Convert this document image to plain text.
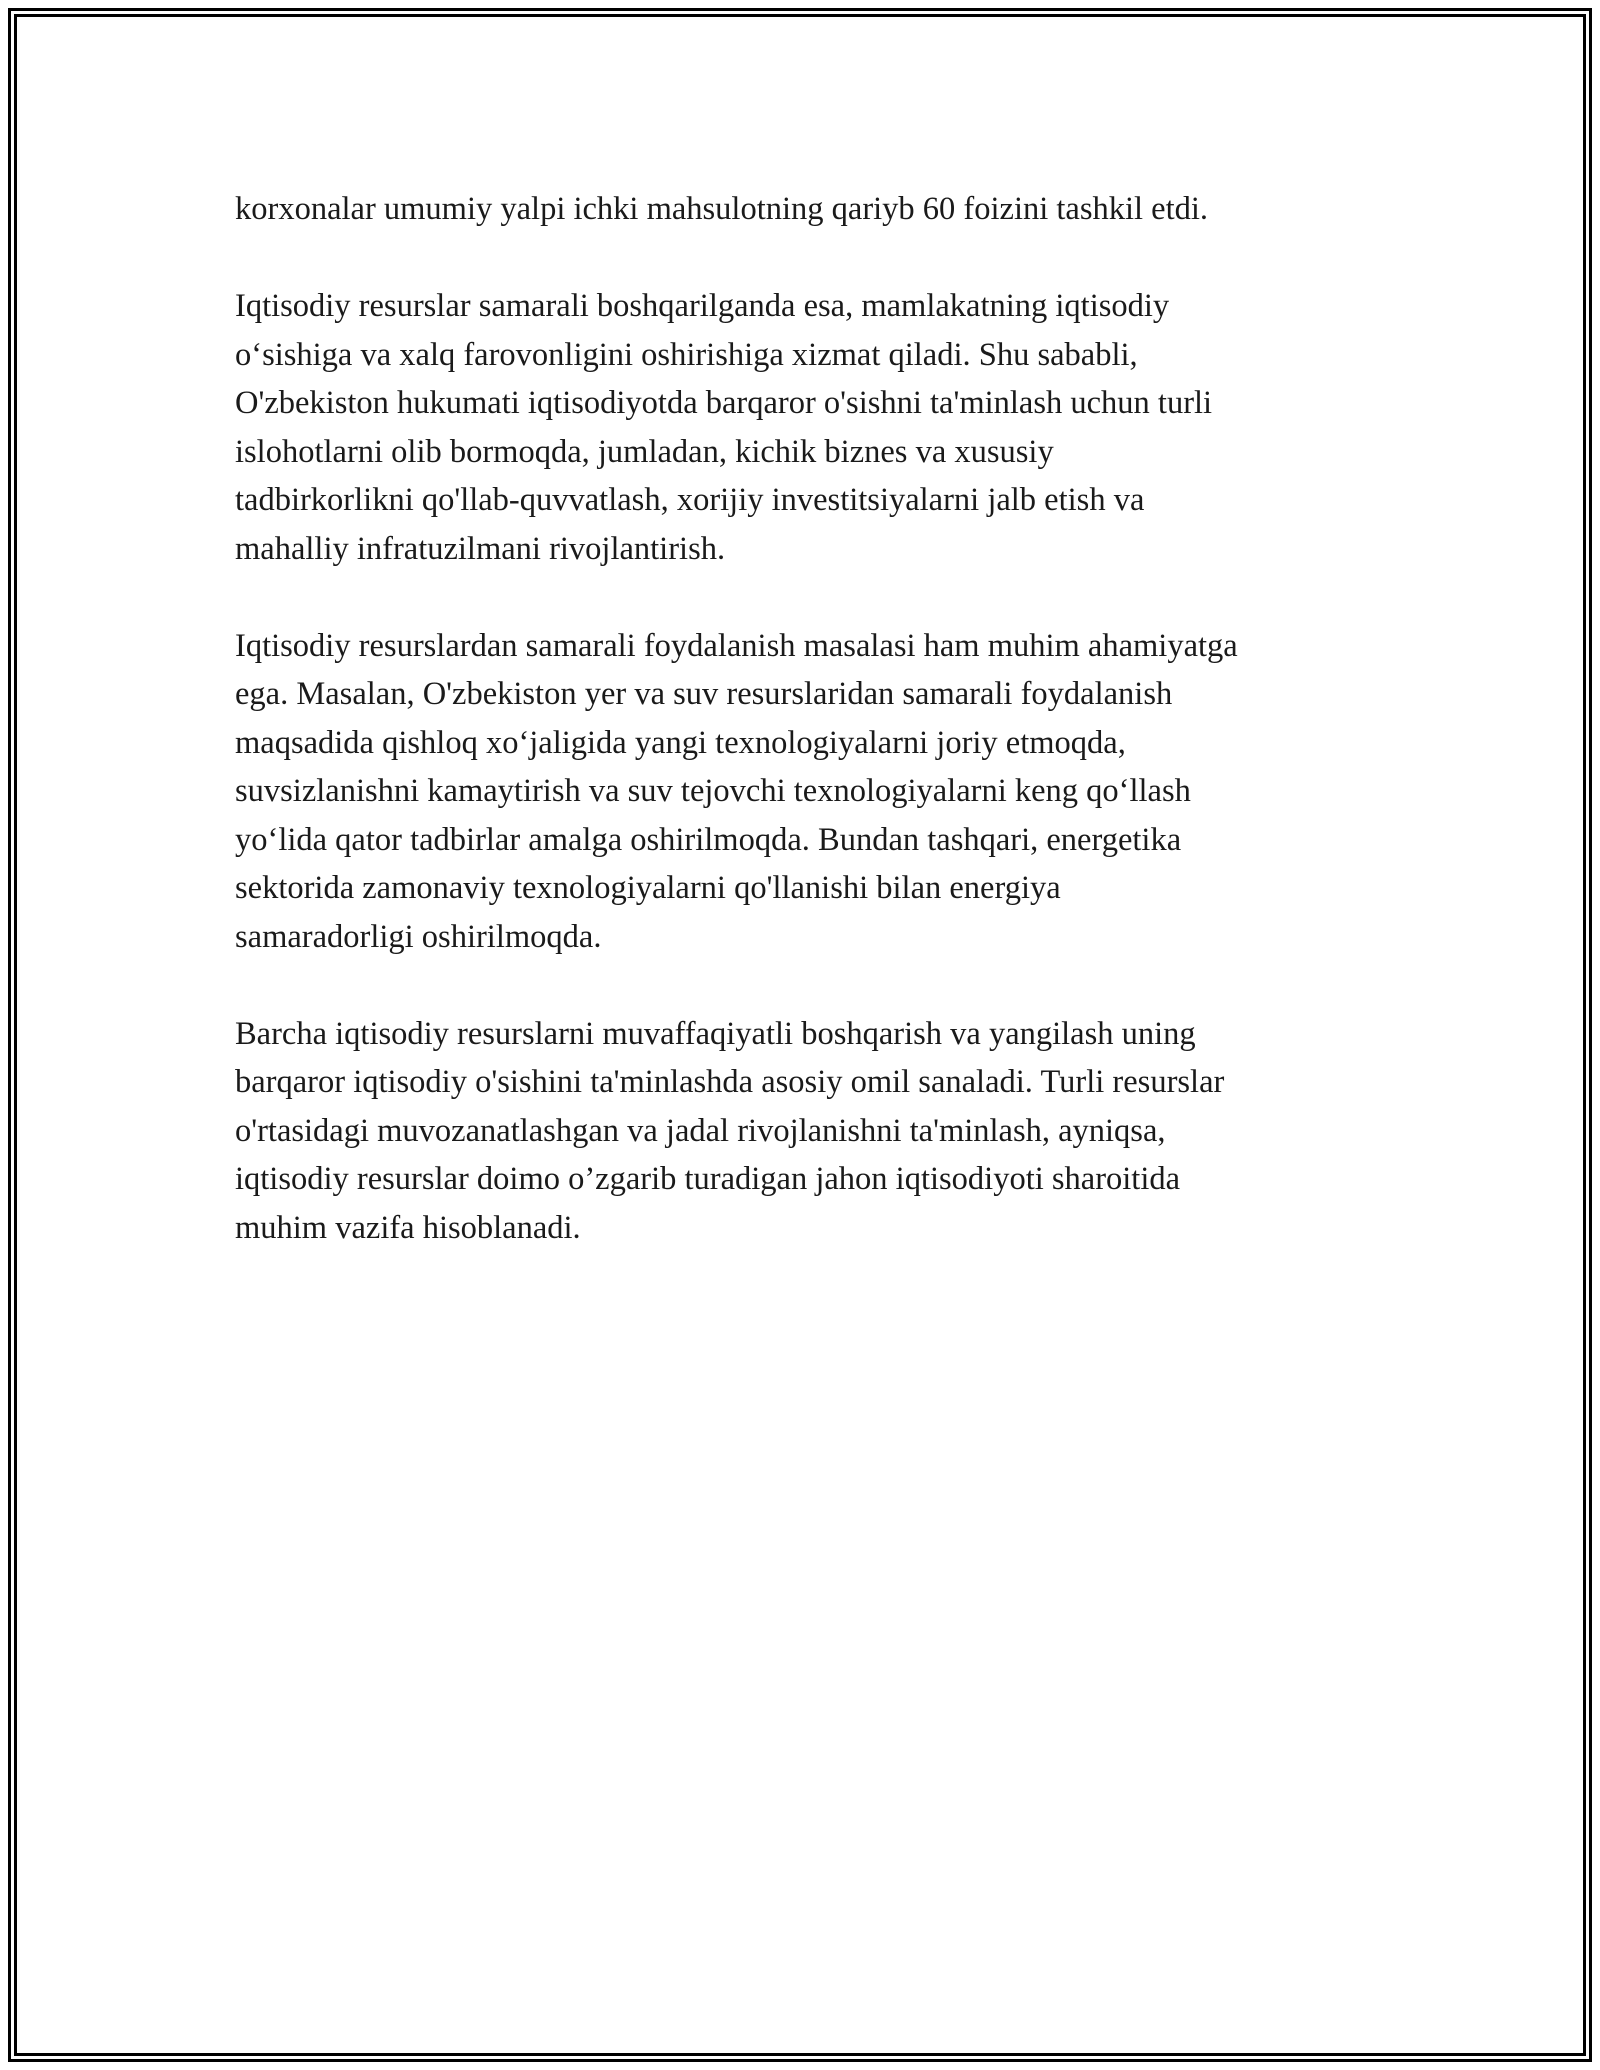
korxonalar umumiy yalpi ichki mahsulotning qariyb 60 foizini tashkil etdi.

Iqtisodiy resurslar samarali boshqarilganda esa, mamlakatning iqtisodiy
o‘sishiga va xalq farovonligini oshirishiga xizmat qiladi. Shu sababli,
O'zbekiston hukumati iqtisodiyotda barqaror o'sishni ta'minlash uchun turli
islohotlarni olib bormoqda, jumladan, kichik biznes va xususiy
tadbirkorlikni qo'llab-quvvatlash, xorijiy investitsiyalarni jalb etish va
mahalliy infratuzilmani rivojlantirish.

Iqtisodiy resurslardan samarali foydalanish masalasi ham muhim ahamiyatga
ega. Masalan, O'zbekiston yer va suv resurslaridan samarali foydalanish
maqsadida qishloq xo‘jaligida yangi texnologiyalarni joriy etmoqda,
suvsizlanishni kamaytirish va suv tejovchi texnologiyalarni keng qo‘llash
yo‘lida qator tadbirlar amalga oshirilmoqda. Bundan tashqari, energetika
sektorida zamonaviy texnologiyalarni qo'llanishi bilan energiya
samaradorligi oshirilmoqda.

Barcha iqtisodiy resurslarni muvaffaqiyatli boshqarish va yangilash uning
barqaror iqtisodiy o'sishini ta'minlashda asosiy omil sanaladi. Turli resurslar
o'rtasidagi muvozanatlashgan va jadal rivojlanishni ta'minlash, ayniqsa,
iqtisodiy resurslar doimo o’zgarib turadigan jahon iqtisodiyoti sharoitida
muhim vazifa hisoblanadi.
